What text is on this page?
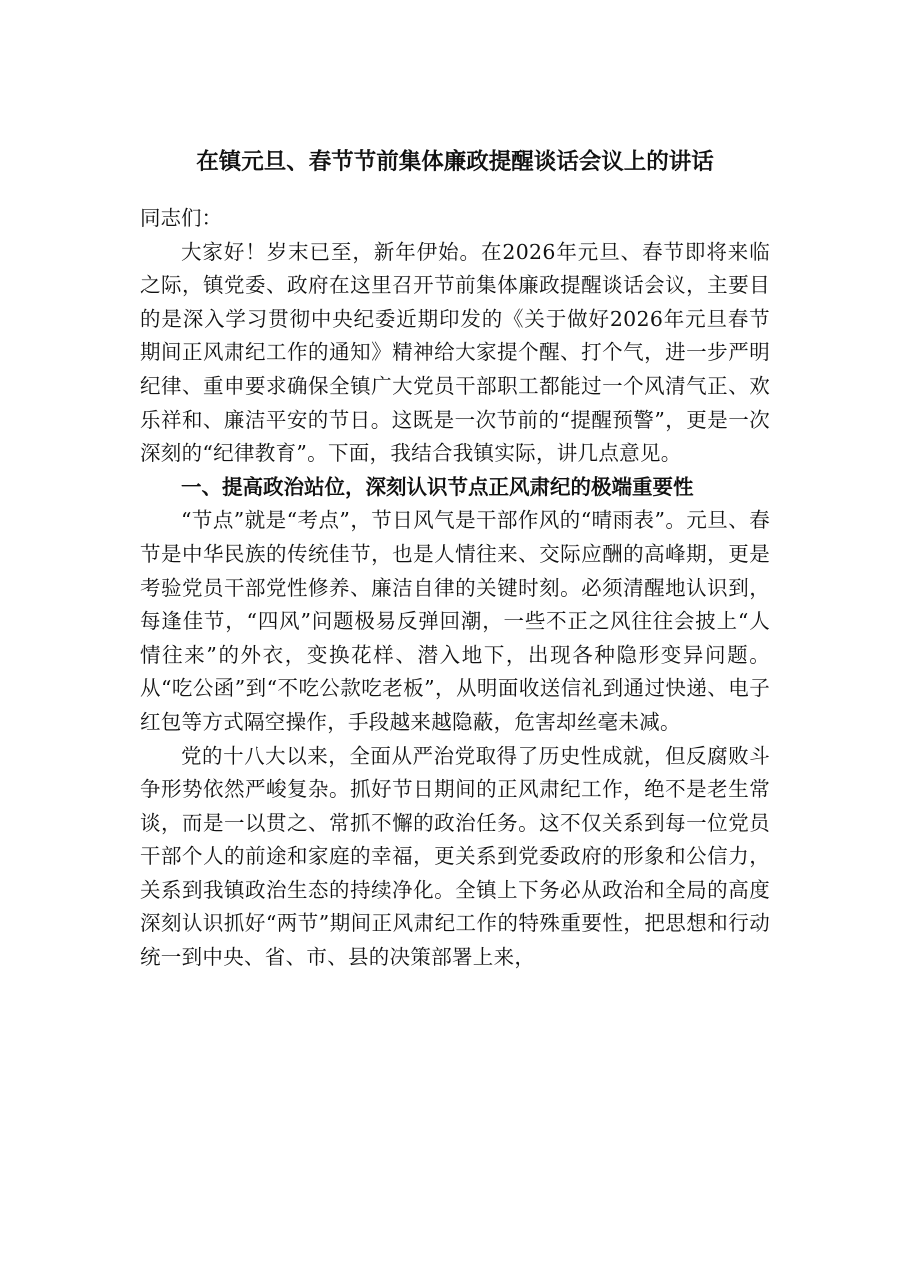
在镇元旦、春节节前集体廉政提醒谈话会议上的讲话

同志们：

大家好！岁末已至，新年伊始。在2026年元旦、春节即将来临之际，镇党委、政府在这里召开节前集体廉政提醒谈话会议，主要目的是深入学习贯彻中央纪委近期印发的《关于做好2026年元旦春节期间正风肃纪工作的通知》精神给大家提个醒、打个气，进一步严明纪律、重申要求确保全镇广大党员干部职工都能过一个风清气正、欢乐祥和、廉洁平安的节日。这既是一次节前的“提醒预警”，更是一次深刻的“纪律教育”。下面，我结合我镇实际，讲几点意见。

一、提高政治站位，深刻认识节点正风肃纪的极端重要性

“节点”就是“考点”，节日风气是干部作风的“晴雨表”。元旦、春节是中华民族的传统佳节，也是人情往来、交际应酬的高峰期，更是考验党员干部党性修养、廉洁自律的关键时刻。必须清醒地认识到，每逢佳节，“四风”问题极易反弹回潮，一些不正之风往往会披上“人情往来”的外衣，变换花样、潜入地下，出现各种隐形变异问题。从“吃公函”到“不吃公款吃老板”，从明面收送信礼到通过快递、电子红包等方式隔空操作，手段越来越隐蔽，危害却丝毫未减。

党的十八大以来，全面从严治党取得了历史性成就，但反腐败斗争形势依然严峻复杂。抓好节日期间的正风肃纪工作，绝不是老生常谈，而是一以贯之、常抓不懈的政治任务。这不仅关系到每一位党员干部个人的前途和家庭的幸福，更关系到党委政府的形象和公信力，关系到我镇政治生态的持续净化。全镇上下务必从政治和全局的高度深刻认识抓好“两节”期间正风肃纪工作的特殊重要性，把思想和行动统一到中央、省、市、县的决策部署上来，
